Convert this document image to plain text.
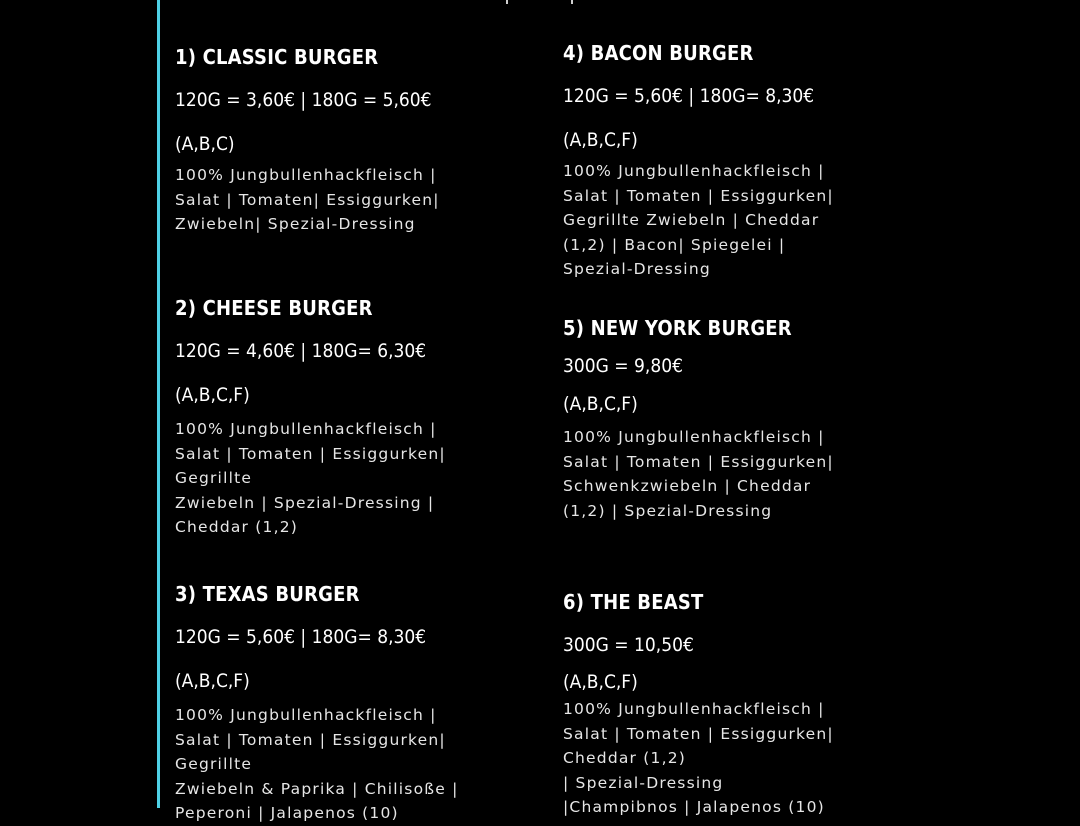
1) CLASSIC BURGER
120G = 3,60€ | 180G = 5,60€
(A,B,C)
100% Jungbullenhackfleisch |
Salat | Tomaten| Essiggurken|
Zwiebeln| Spezial-Dressing
2) CHEESE BURGER
120G = 4,60€ | 180G= 6,30€
(A,B,C,F)
100% Jungbullenhackfleisch |
Salat | Tomaten | Essiggurken|
Gegrillte
Zwiebeln | Spezial-Dressing |
Cheddar (1,2)
3) TEXAS BURGER
120G = 5,60€ | 180G= 8,30€
(A,B,C,F)
100% Jungbullenhackfleisch |
Salat | Tomaten | Essiggurken|
Gegrillte
Zwiebeln & Paprika | Chilisoße |
Peperoni | Jalapenos (10)
4) BACON BURGER
120G = 5,60€ | 180G= 8,30€
(A,B,C,F)
100% Jungbullenhackfleisch |
Salat | Tomaten | Essiggurken|
Gegrillte Zwiebeln | Cheddar
(1,2) | Bacon| Spiegelei |
Spezial-Dressing
5) NEW YORK BURGER
300G = 9,80€
(A,B,C,F)
100% Jungbullenhackfleisch |
Salat | Tomaten | Essiggurken|
Schwenkzwiebeln | Cheddar
(1,2) | Spezial-Dressing
6) THE BEAST
300G = 10,50€
(A,B,C,F)
100% Jungbullenhackfleisch |
Salat | Tomaten | Essiggurken|
Cheddar (1,2)
| Spezial-Dressing
|Champibnos | Jalapenos (10)
